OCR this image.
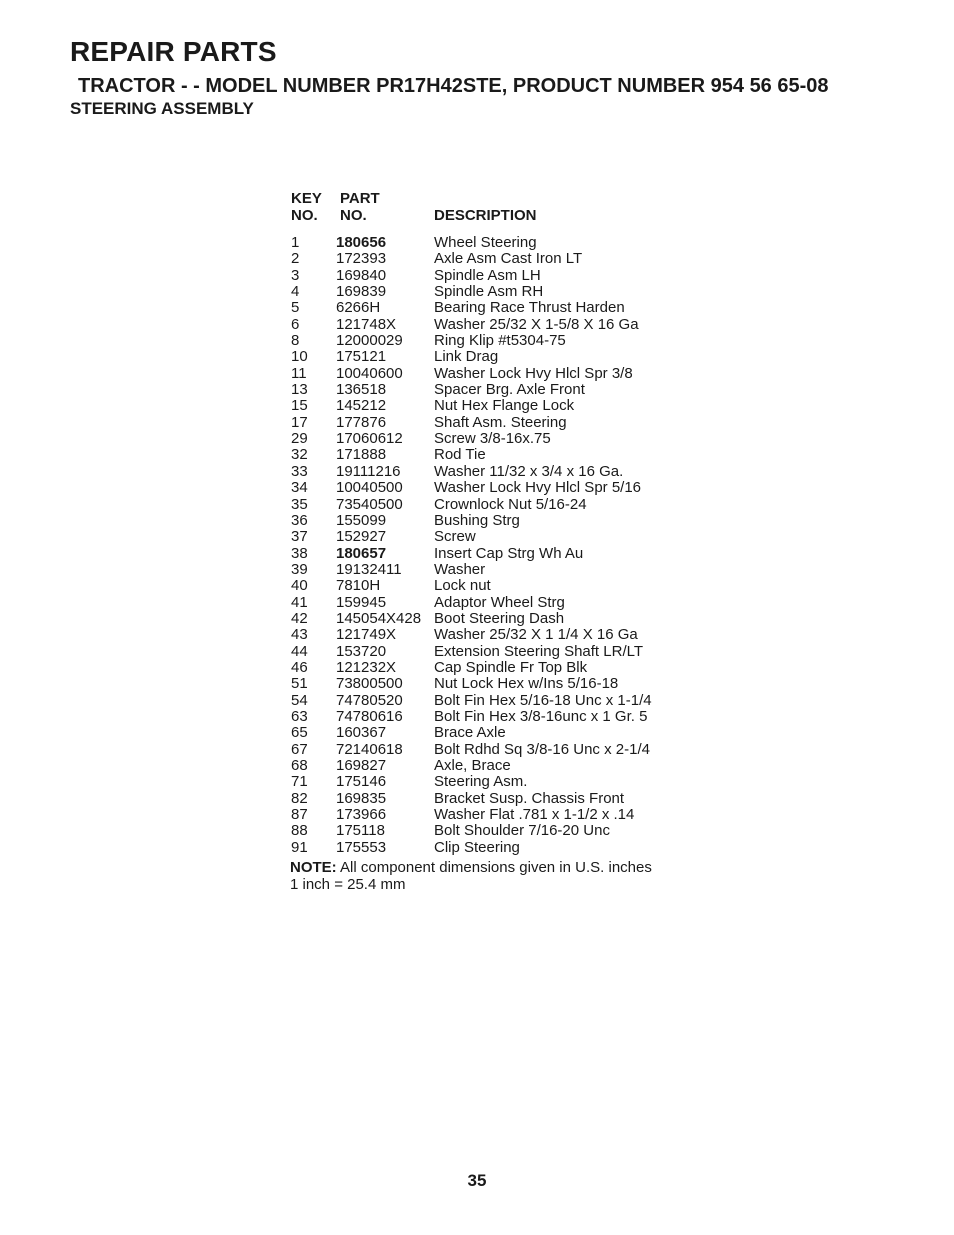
REPAIR PARTS
TRACTOR - - MODEL NUMBER PR17H42STE, PRODUCT NUMBER 954 56 65-08
STEERING ASSEMBLY
KEY
NO.
PART
NO.	DESCRIPTION
1 180656	Wheel Steering
2 172393	Axle Asm Cast Iron LT
3 169840	Spindle Asm LH
4 169839	Spindle Asm RH
5 6266H	Bearing Race Thrust Harden
6 121748X	Washer 25/32 X 1-5/8 X 16 Ga
8 12000029 Ring Klip #t5304-75
10 175121	Link Drag
11 10040600 Washer Lock Hvy Hlcl Spr 3/8
13 136518	Spacer Brg. Axle Front
15 145212	Nut Hex Flange Lock
17 177876	Shaft Asm. Steering
29 17060612 Screw 3/8-16x.75
32 171888	Rod Tie
33 19111216 Washer 11/32 x 3/4 x 16 Ga.
34 10040500 Washer Lock Hvy Hlcl Spr 5/16
35 73540500 Crownlock Nut 5/16-24
36 155099	Bushing Strg
37 152927	Screw
38 180657	Insert Cap Strg Wh Au
39 19132411 Washer
40 7810H	Lock nut
41 159945	Adaptor Wheel Strg
42 145054X428 Boot Steering Dash
43 121749X	Washer 25/32 X 1 1/4 X 16 Ga
44 153720	Extension Steering Shaft LR/LT
46 121232X	Cap Spindle Fr Top Blk
51 73800500 Nut Lock Hex w/Ins 5/16-18
54 74780520 Bolt Fin Hex 5/16-18 Unc x 1-1/4
63 74780616 Bolt Fin Hex 3/8-16unc x 1 Gr. 5
65 160367	Brace Axle
67 72140618 Bolt Rdhd Sq 3/8-16 Unc x 2-1/4
68 169827	Axle, Brace
71 175146	Steering Asm.
82 169835	Bracket Susp. Chassis Front
87 173966	Washer Flat .781 x 1-1/2 x .14
88 175118	Bolt Shoulder 7/16-20 Unc
91 175553	Clip Steering
NOTE: All component dimensions given in U.S. inches
1 inch = 25.4 mm
35
